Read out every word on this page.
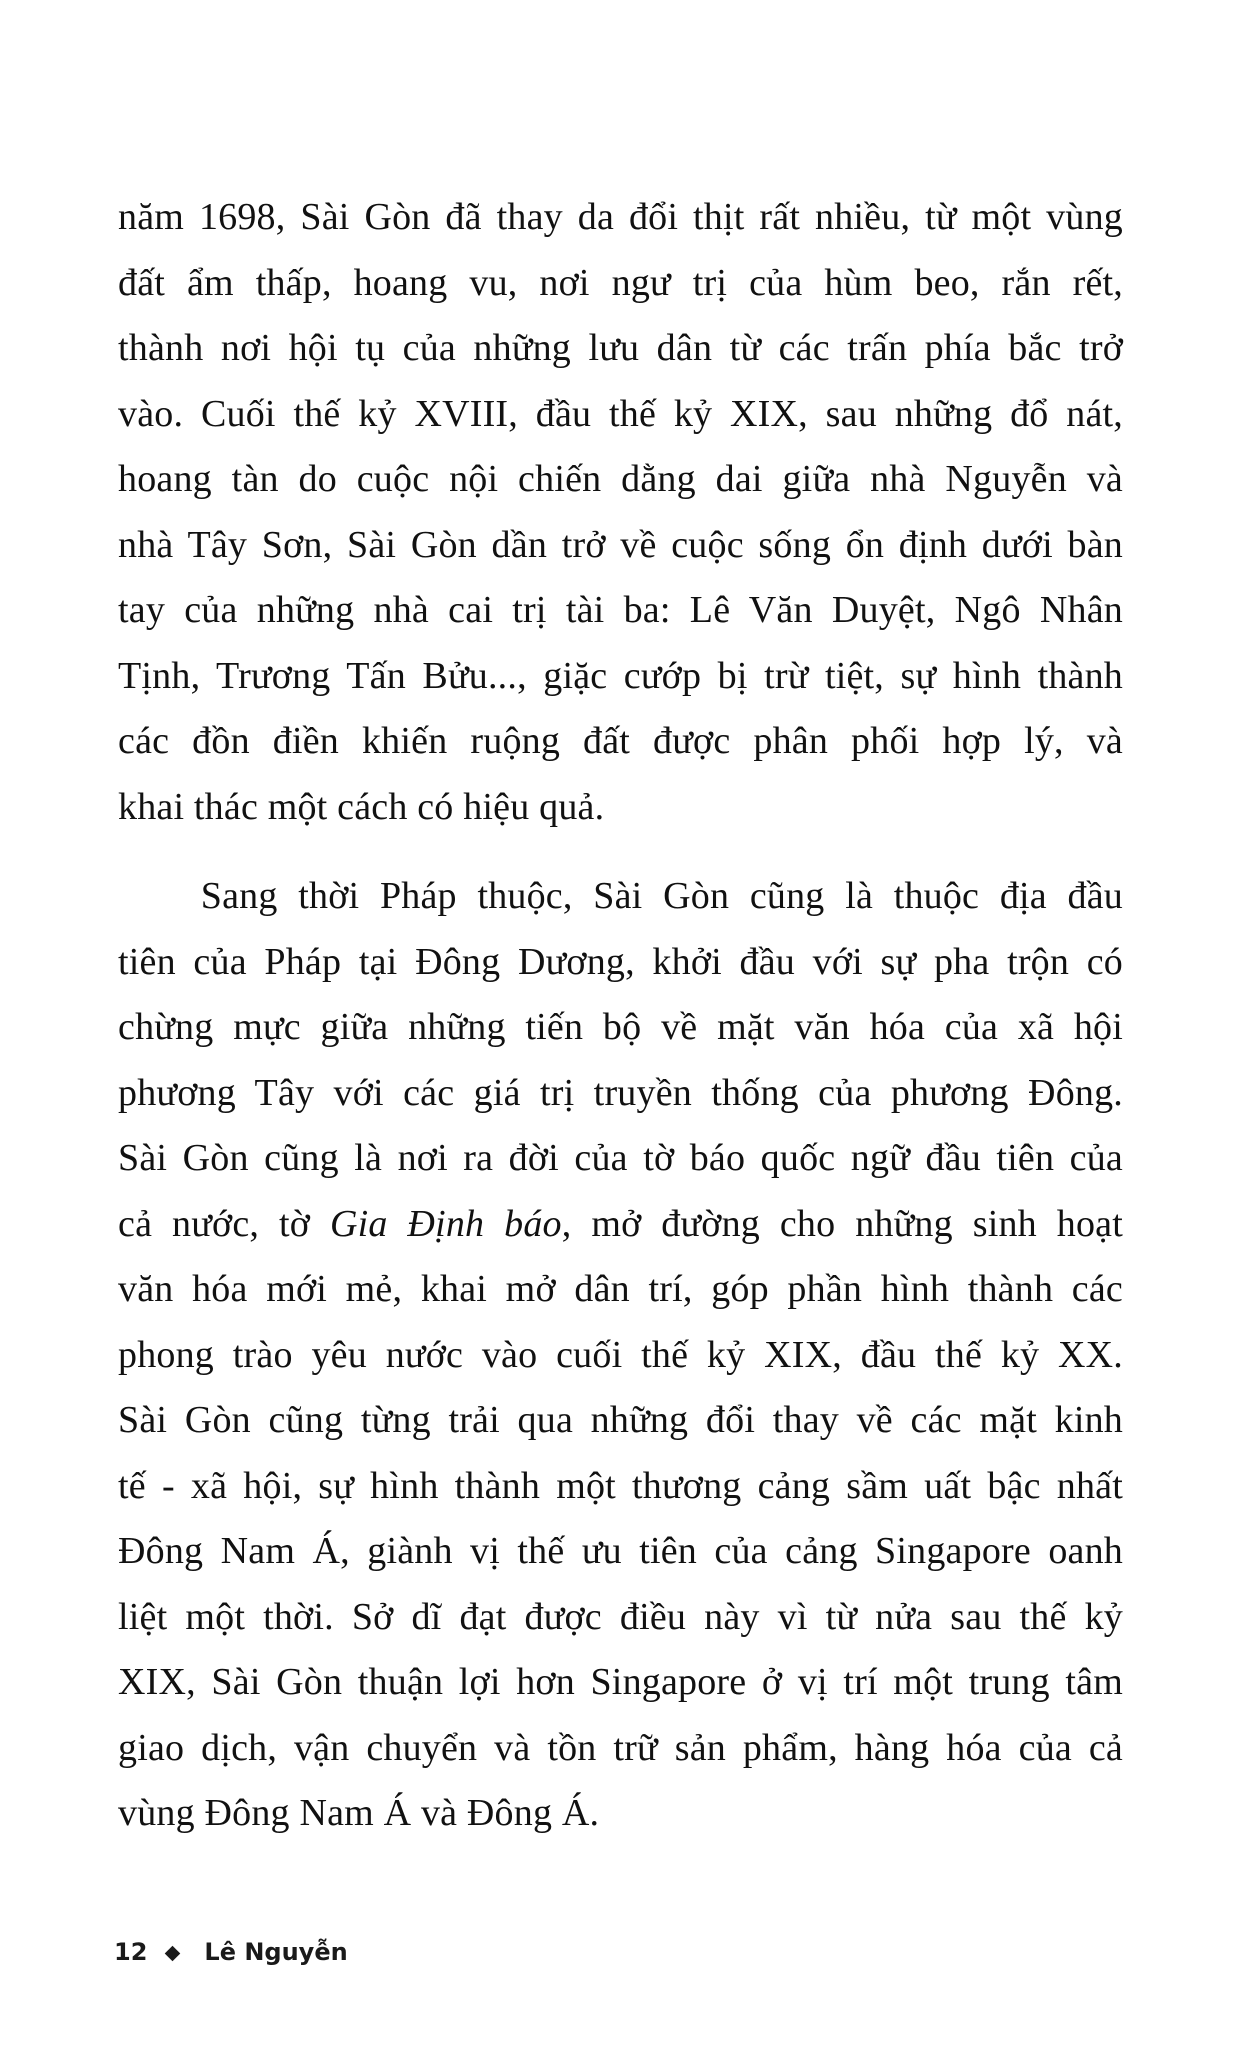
năm 1698, Sài Gòn đã thay da đổi thịt rất nhiều, từ một vùng
đất ẩm thấp, hoang vu, nơi ngư trị của hùm beo, rắn rết,
thành nơi hội tụ của những lưu dân từ các trấn phía bắc trở
vào. Cuối thế kỷ XVIII, đầu thế kỷ XIX, sau những đổ nát,
hoang tàn do cuộc nội chiến dằng dai giữa nhà Nguyễn và
nhà Tây Sơn, Sài Gòn dần trở về cuộc sống ổn định dưới bàn
tay của những nhà cai trị tài ba: Lê Văn Duyệt, Ngô Nhân
Tịnh, Trương Tấn Bửu..., giặc cướp bị trừ tiệt, sự hình thành
các đồn điền khiến ruộng đất được phân phối hợp lý, và
khai thác một cách có hiệu quả.
Sang thời Pháp thuộc, Sài Gòn cũng là thuộc địa đầu
tiên của Pháp tại Đông Dương, khởi đầu với sự pha trộn có
chừng mực giữa những tiến bộ về mặt văn hóa của xã hội
phương Tây với các giá trị truyền thống của phương Đông.
Sài Gòn cũng là nơi ra đời của tờ báo quốc ngữ đầu tiên của
cả nước, tờ Gia Định báo, mở đường cho những sinh hoạt
văn hóa mới mẻ, khai mở dân trí, góp phần hình thành các
phong trào yêu nước vào cuối thế kỷ XIX, đầu thế kỷ XX.
Sài Gòn cũng từng trải qua những đổi thay về các mặt kinh
tế - xã hội, sự hình thành một thương cảng sầm uất bậc nhất
Đông Nam Á, giành vị thế ưu tiên của cảng Singapore oanh
liệt một thời. Sở dĩ đạt được điều này vì từ nửa sau thế kỷ
XIX, Sài Gòn thuận lợi hơn Singapore ở vị trí một trung tâm
giao dịch, vận chuyển và tồn trữ sản phẩm, hàng hóa của cả
vùng Đông Nam Á và Đông Á.
12 Lê Nguyễn
